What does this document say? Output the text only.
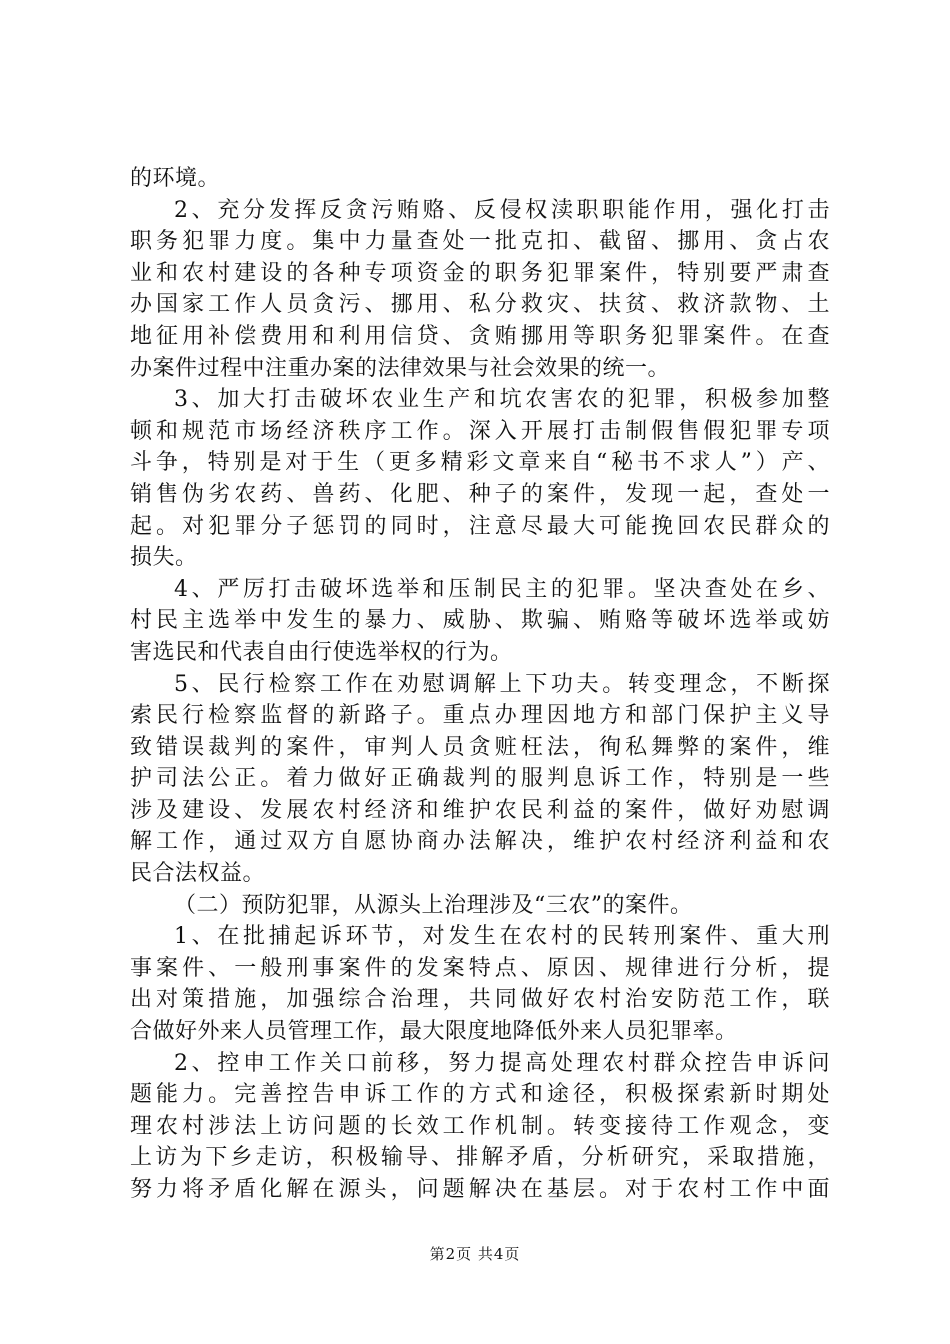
的环境。
2、充分发挥反贪污贿赂、反侵权渎职职能作用，强化打击
职务犯罪力度。集中力量查处一批克扣、截留、挪用、贪占农
业和农村建设的各种专项资金的职务犯罪案件，特别要严肃查
办国家工作人员贪污、挪用、私分救灾、扶贫、救济款物、土
地征用补偿费用和利用信贷、贪贿挪用等职务犯罪案件。在查
办案件过程中注重办案的法律效果与社会效果的统一。
3、加大打击破坏农业生产和坑农害农的犯罪，积极参加整
顿和规范市场经济秩序工作。深入开展打击制假售假犯罪专项
斗争，特别是对于生（更多精彩文章来自“秘书不求人”）产、
销售伪劣农药、兽药、化肥、种子的案件，发现一起，查处一
起。对犯罪分子惩罚的同时，注意尽最大可能挽回农民群众的
损失。
4、严厉打击破坏选举和压制民主的犯罪。坚决查处在乡、
村民主选举中发生的暴力、威胁、欺骗、贿赂等破坏选举或妨
害选民和代表自由行使选举权的行为。
5、民行检察工作在劝慰调解上下功夫。转变理念，不断探
索民行检察监督的新路子。重点办理因地方和部门保护主义导
致错误裁判的案件，审判人员贪赃枉法，徇私舞弊的案件，维
护司法公正。着力做好正确裁判的服判息诉工作，特别是一些
涉及建设、发展农村经济和维护农民利益的案件，做好劝慰调
解工作，通过双方自愿协商办法解决，维护农村经济利益和农
民合法权益。
（二）预防犯罪，从源头上治理涉及“三农”的案件。
1、在批捕起诉环节，对发生在农村的民转刑案件、重大刑
事案件、一般刑事案件的发案特点、原因、规律进行分析，提
出对策措施，加强综合治理，共同做好农村治安防范工作，联
合做好外来人员管理工作，最大限度地降低外来人员犯罪率。
2、控申工作关口前移，努力提高处理农村群众控告申诉问
题能力。完善控告申诉工作的方式和途径，积极探索新时期处
理农村涉法上访问题的长效工作机制。转变接待工作观念，变
上访为下乡走访，积极输导、排解矛盾，分析研究，采取措施，
努力将矛盾化解在源头，问题解决在基层。对于农村工作中面
第2页 共4页
